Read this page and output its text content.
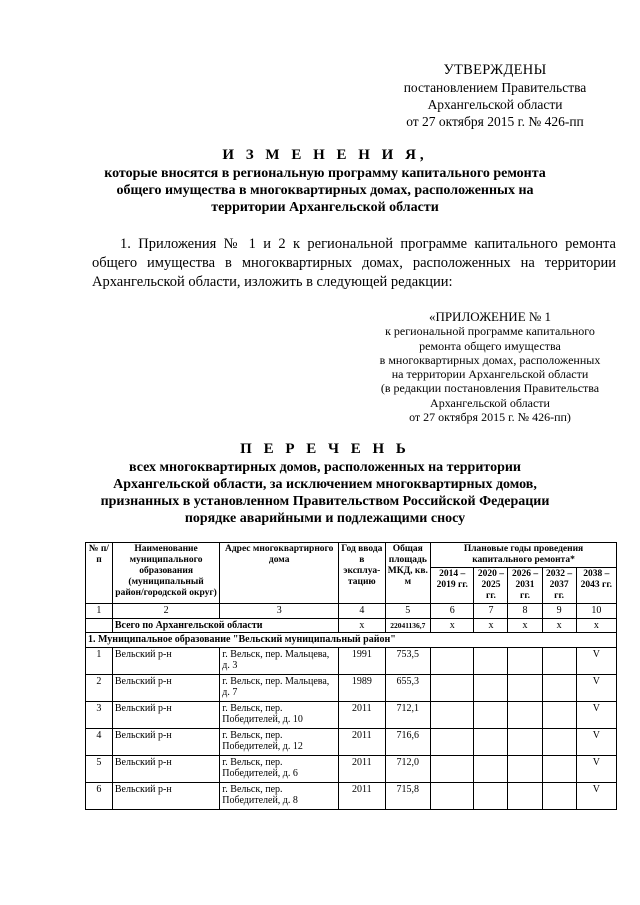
УТВЕРЖДЕНЫ
постановлением Правительства
Архангельской области
от 27 октября 2015 г. № 426-пп
И З М Е Н Е Н И Я,
которые вносятся в региональную программу капитального ремонта общего имущества в многоквартирных домах, расположенных на территории Архангельской области
1. Приложения № 1 и 2 к региональной программе капитального ремонта общего имущества в многоквартирных домах, расположенных на территории Архангельской области, изложить в следующей редакции:
«ПРИЛОЖЕНИЕ № 1
к региональной программе капитального
ремонта общего имущества
в многоквартирных домах, расположенных
на территории Архангельской области
(в редакции постановления Правительства
Архангельской области
от 27 октября 2015 г. № 426-пп)
П Е Р Е Ч Е Н Ь
всех многоквартирных домов, расположенных на территории Архангельской области, за исключением многоквартирных домов, признанных в установленном Правительством Российской Федерации порядке аварийными и подлежащими сносу
№ п/п	Наименование муниципального образования (муниципальный район/городской округ)	Адрес многоквартирного дома	Год ввода в эксплуа-тацию	Общая площадь МКД, кв. м	Плановые годы проведения капитального ремонта*				
					2014 – 2019 гг.	2020 – 2025 гг.	2026 – 2031 гг.	2032 – 2037 гг.	2038 – 2043 гг.
1	2	3	4	5	6	7	8	9	10
	Всего по Архангельской области		x	22041136,7	x	x	x	x	x
1. Муниципальное образование "Вельский муниципальный район"									
1	Вельский р-н	г. Вельск, пер. Мальцева, д. 3	1991	753,5					V
2	Вельский р-н	г. Вельск, пер. Мальцева, д. 7	1989	655,3					V
3	Вельский р-н	г. Вельск, пер. Победителей, д. 10	2011	712,1					V
4	Вельский р-н	г. Вельск, пер. Победителей, д. 12	2011	716,6					V
5	Вельский р-н	г. Вельск, пер. Победителей, д. 6	2011	712,0					V
6	Вельский р-н	г. Вельск, пер. Победителей, д. 8	2011	715,8					V
